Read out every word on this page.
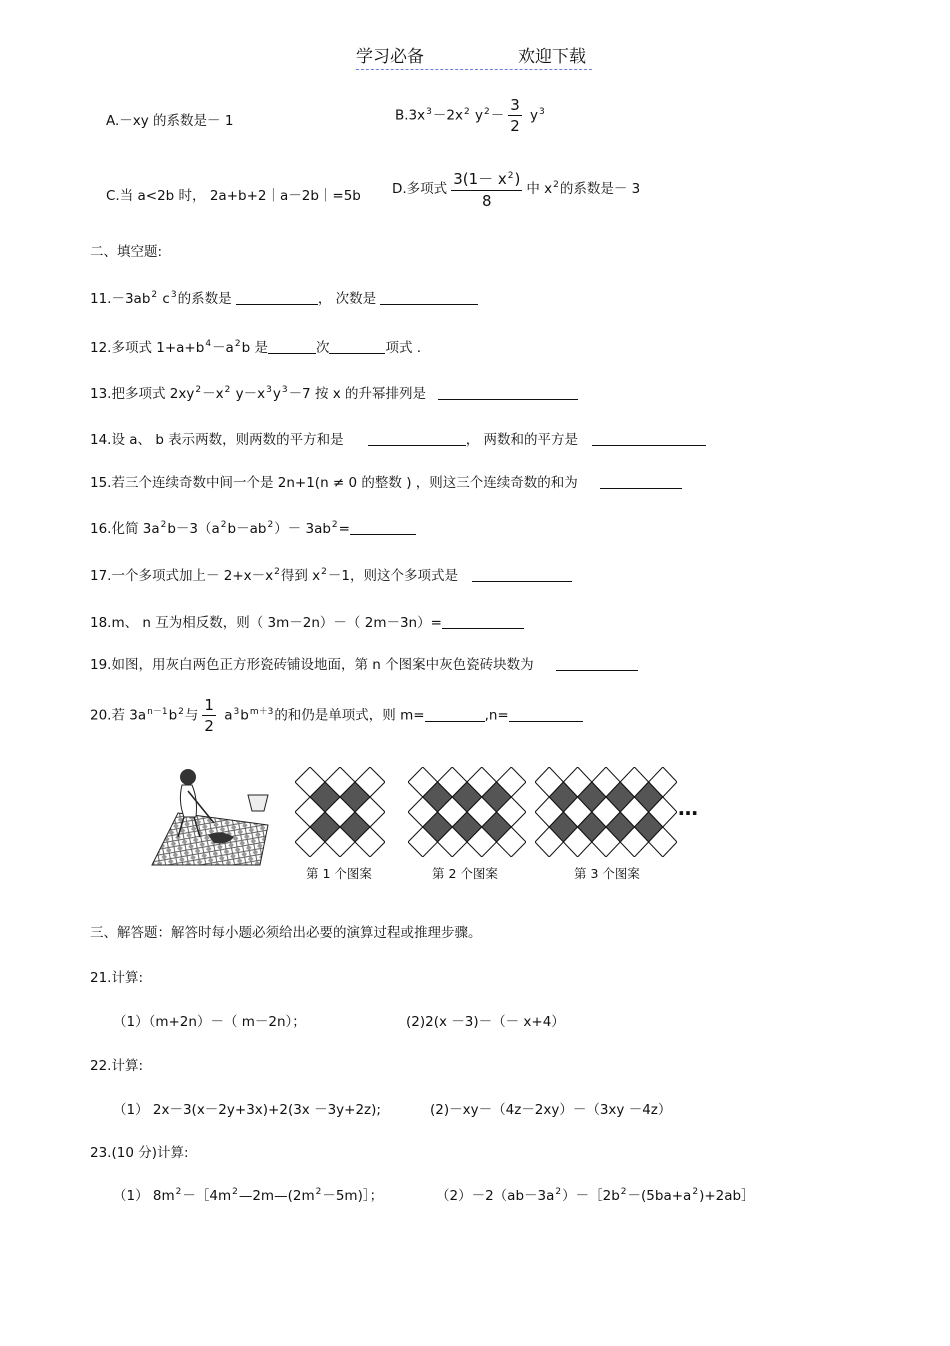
学习必备	欢迎下载
A.－xy 的系数是－ 1	$B.3x^3-2x^2$ $y^2- \frac{3}{2} y^3$
C.当 a<2b 时， 2a+b+2｜a－2b｜=5b D.多项式 $\frac{3(1- x^2)}{8}$ 中 $x^2$的系数是－ 3
二、填空题:
$11.-3ab^2$ $c^3$的系数是	， 次数是
12.多项式 $1+a+b^4-a^2b$ 是	次	项式 .
13.把多项式 $2xy^2-x^2$ $y-x^3y^3-7$ 按 x 的升幂排列是
14.设 a、 b 表示两数，则两数的平方和是	， 两数和的平方是
15.若三个连续奇数中间一个是 2n+1(n ≠ 0 的整数 ) ，则这三个连续奇数的和为
16.化简 $3a^2b-3(a^2b-ab^2)- 3ab^2=$
17.一个多项式加上－ $2+x-x^2$得到 $x^2-1$，则这个多项式是
18.m、 n 互为相反数，则（ 3m－2n）－（ 2m－3n）=
19.如图，用灰白两色正方形瓷砖铺设地面，第 n 个图案中灰色瓷砖块数为
20.若 $3a^{n-1}b^2$与 $\frac{1}{2} a^3b^{m+3}$的和仍是单项式，则 m=	,n=
…
第 1 个图案	第 2 个图案	第 3 个图案
三、解答题：解答时每小题必须给出必要的演算过程或推理步骤。
21.计算:
（1）（m+2n）－（ m－2n）；	(2)2(x －3)－（－ x+4）
22.计算:
（1） 2x－3(x－2y+3x)+2(3x －3y+2z);	(2)－xy－（4z－2xy）－（3xy －4z）
23.(10 分)计算:
（1） $8m^2-[4m^2—2m—(2m^2-5m)]$；	$(2)-2(ab-3a^2)-[2b^2-(5ba+a^2)+2ab]$
